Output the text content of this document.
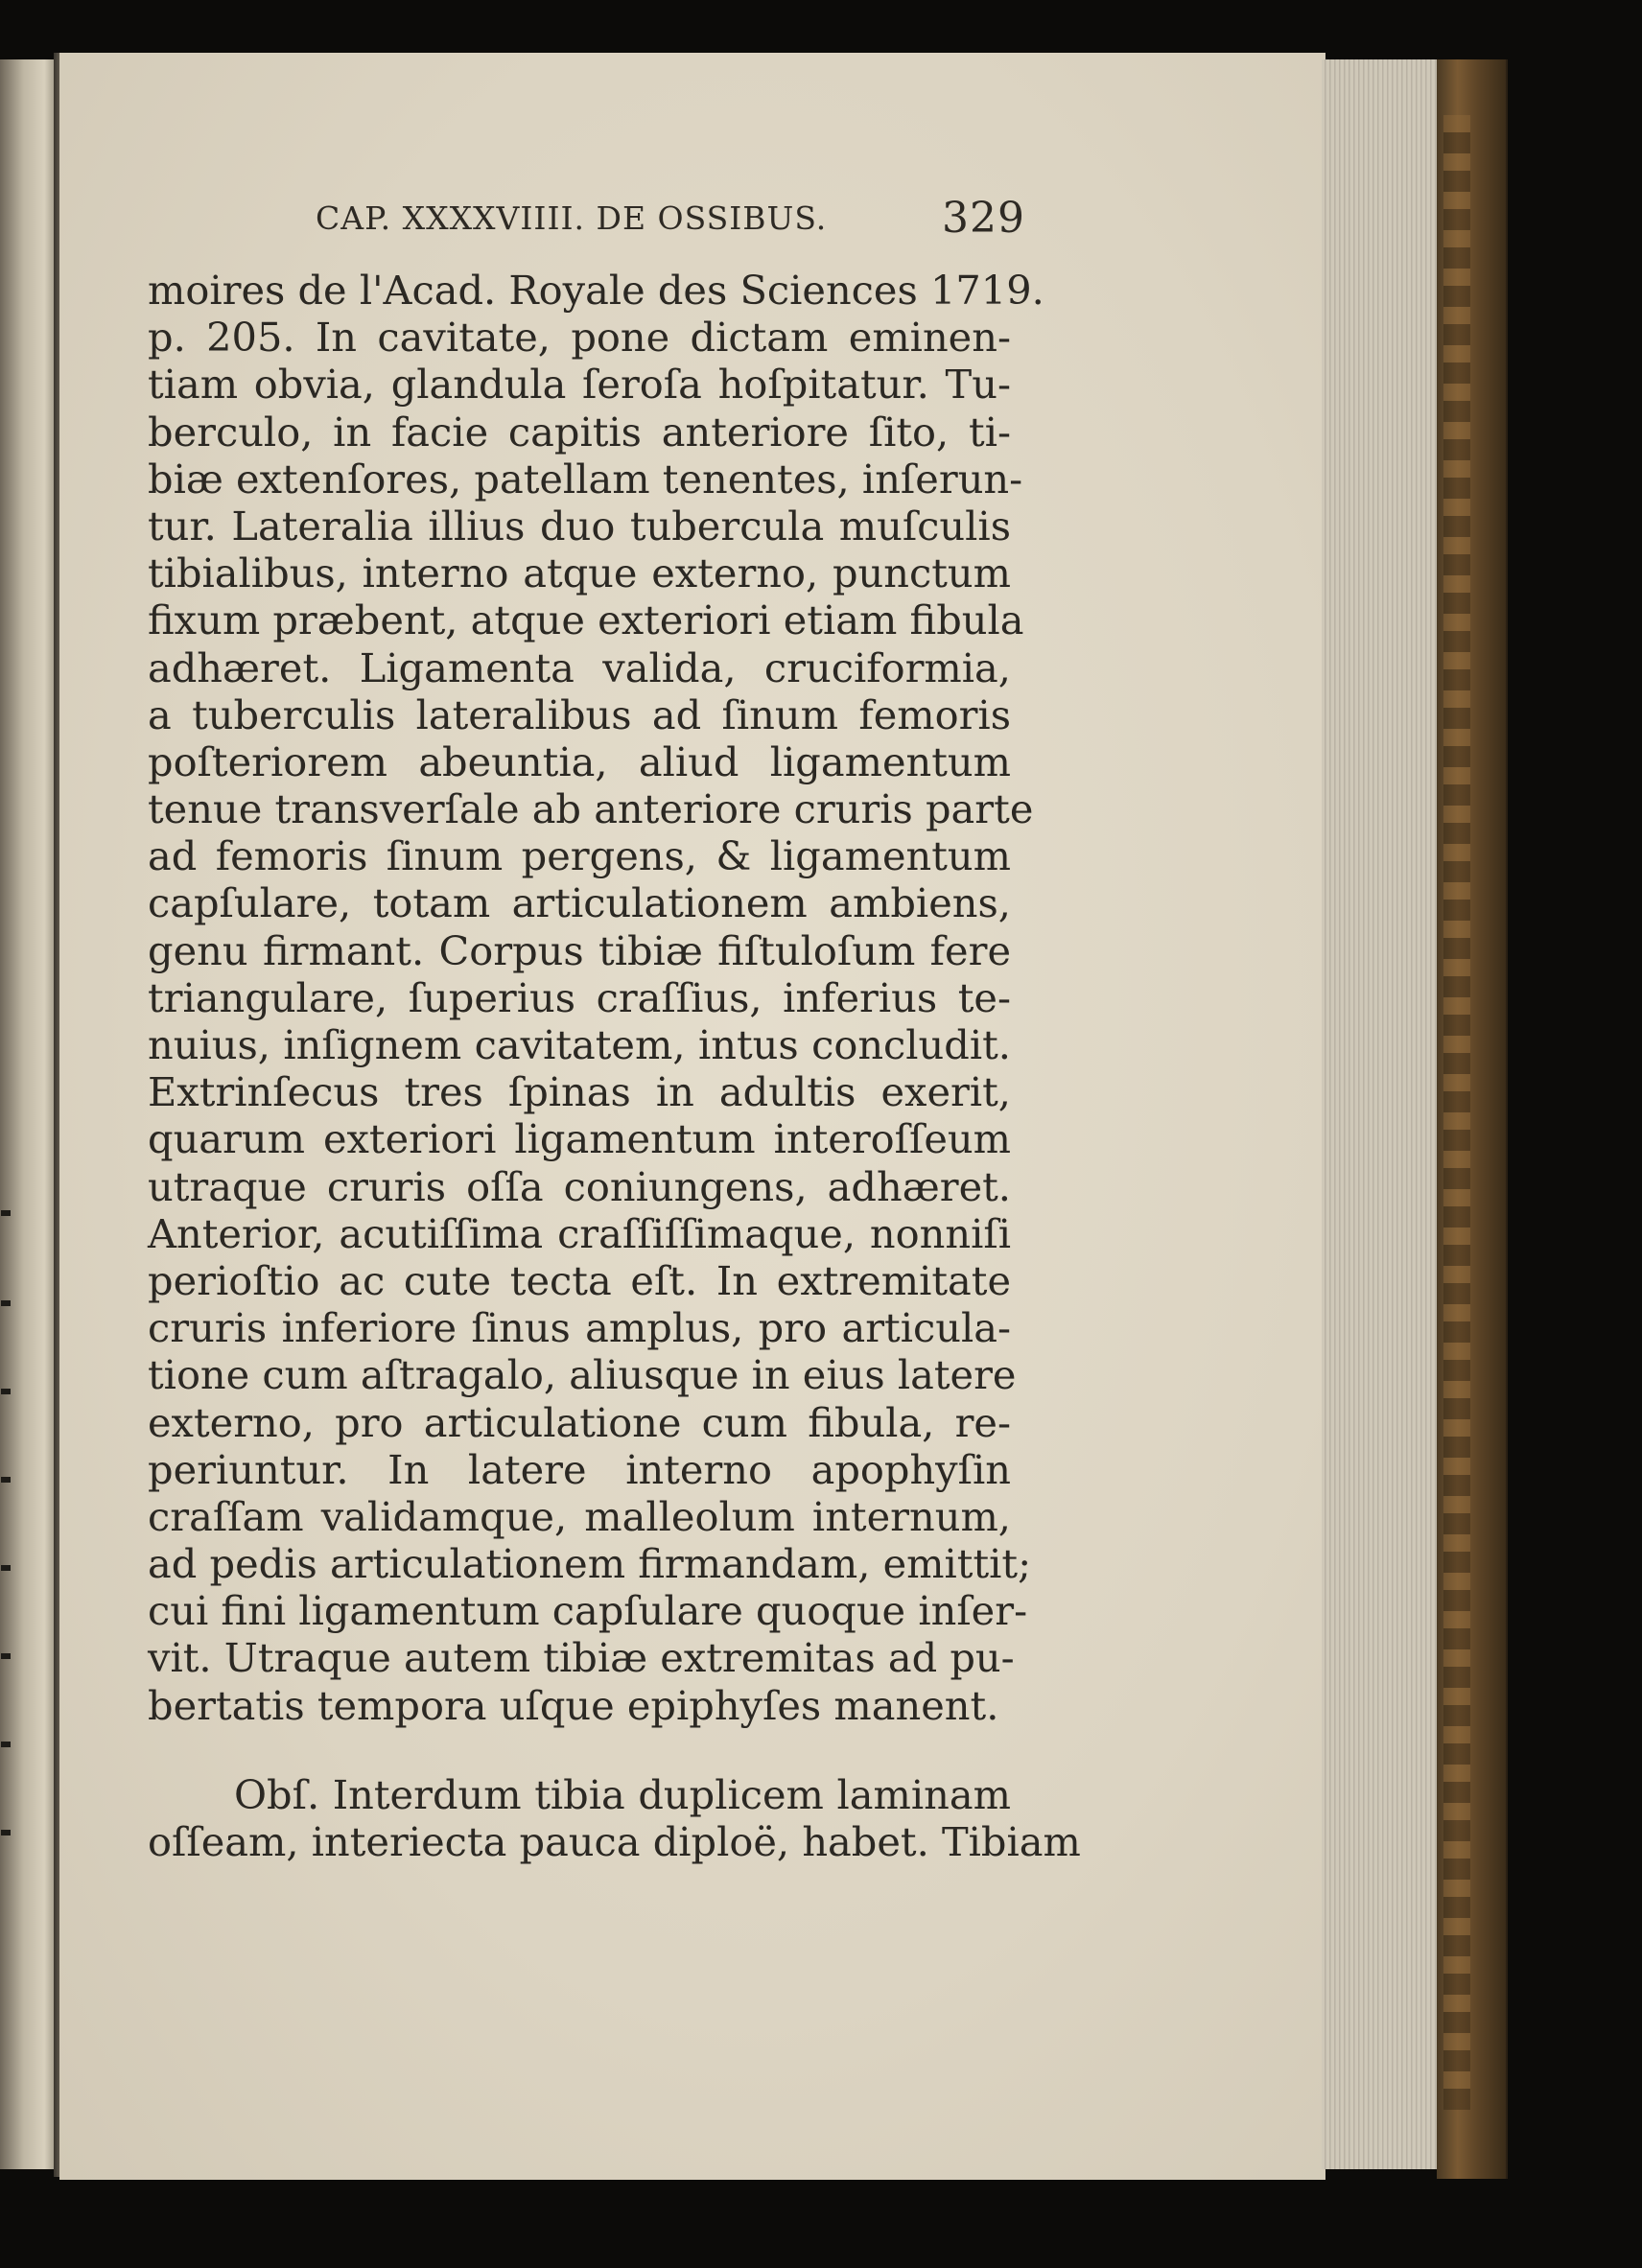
CAP. XXXXVIIII. DE OSSIBUS.	329
moires de l'Acad. Royale des Sciences 1719.
p. 205. In cavitate, pone dictam eminen-
tiam obvia, glandula ſeroſa hoſpitatur. Tu-
berculo, in facie capitis anteriore ſito, ti-
biæ extenſores, patellam tenentes, inſerun-
tur. Lateralia illius duo tubercula muſculis
tibialibus, interno atque externo, punctum
fixum præbent, atque exteriori etiam fibula
adhæret. Ligamenta valida, cruciformia,
a tuberculis lateralibus ad ſinum femoris
poſteriorem abeuntia, aliud ligamentum
tenue transverſale ab anteriore cruris parte
ad femoris ſinum pergens, & ligamentum
capſulare, totam articulationem ambiens,
genu firmant. Corpus tibiæ fiſtuloſum fere
triangulare, ſuperius craſſius, inferius te-
nuius, inſignem cavitatem, intus concludit.
Extrinſecus tres ſpinas in adultis exerit,
quarum exteriori ligamentum interoſſeum
utraque cruris oſſa coniungens, adhæret.
Anterior, acutiſſima craſſiſſimaque, nonniſi
perioſtio ac cute tecta eſt. In extremitate
cruris inferiore ſinus amplus, pro articula-
tione cum aſtragalo, aliusque in eius latere
externo, pro articulatione cum fibula, re-
periuntur. In latere interno apophyſin
craſſam validamque, malleolum internum,
ad pedis articulationem firmandam, emittit;
cui fini ligamentum capſulare quoque inſer-
vit. Utraque autem tibiæ extremitas ad pu-
bertatis tempora uſque epiphyſes manent.
Obſ. Interdum tibia duplicem laminam
oſſeam, interiecta pauca diploë, habet. Tibiam
